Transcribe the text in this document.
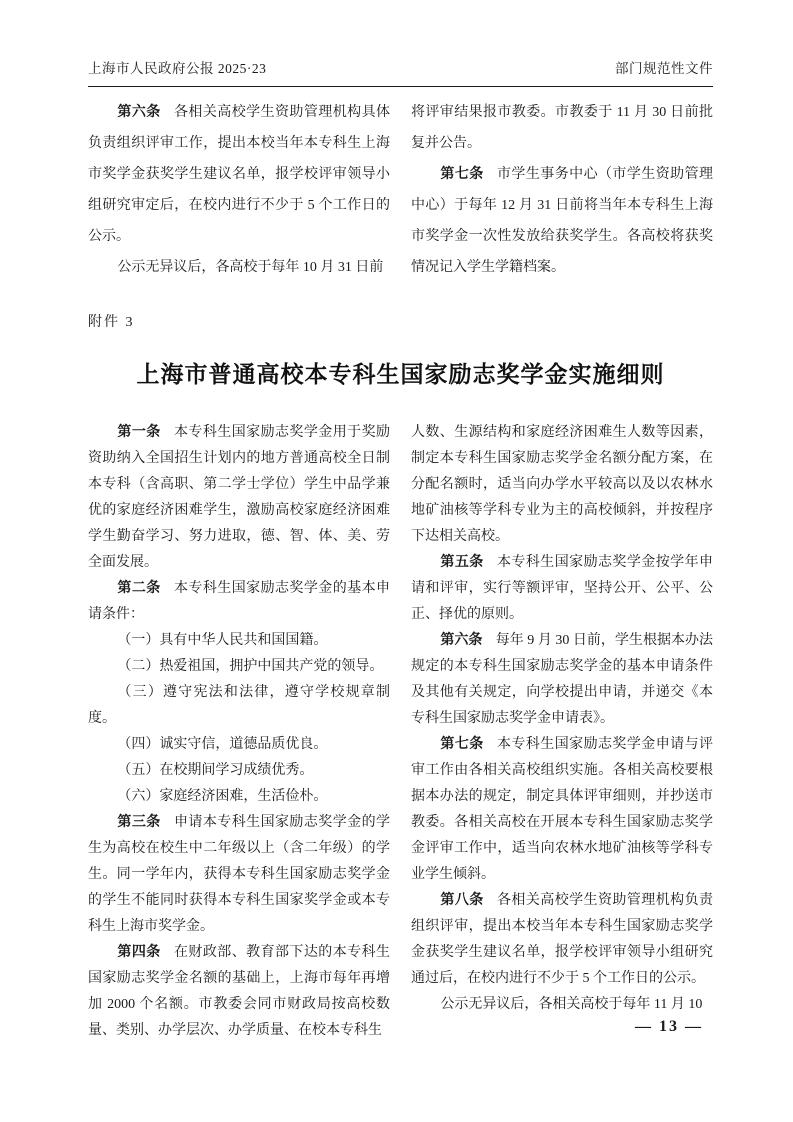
上海市人民政府公报 2025·23	部门规范性文件

第六条 各相关高校学生资助管理机构具体负责组织评审工作，提出本校当年本专科生上海市奖学金获奖学生建议名单，报学校评审领导小组研究审定后，在校内进行不少于 5 个工作日的公示。

公示无异议后，各高校于每年 10 月 31 日前

将评审结果报市教委。市教委于 11 月 30 日前批复并公告。

第七条 市学生事务中心（市学生资助管理中心）于每年 12 月 31 日前将当年本专科生上海市奖学金一次性发放给获奖学生。各高校将获奖情况记入学生学籍档案。

附件 3
上海市普通高校本专科生国家励志奖学金实施细则

第一条 本专科生国家励志奖学金用于奖励资助纳入全国招生计划内的地方普通高校全日制本专科（含高职、第二学士学位）学生中品学兼优的家庭经济困难学生，激励高校家庭经济困难学生勤奋学习、努力进取，德、智、体、美、劳全面发展。

第二条 本专科生国家励志奖学金的基本申请条件：

（一）具有中华人民共和国国籍。

（二）热爱祖国，拥护中国共产党的领导。

（三）遵守宪法和法律，遵守学校规章制度。

（四）诚实守信，道德品质优良。

（五）在校期间学习成绩优秀。

（六）家庭经济困难，生活俭朴。

第三条 申请本专科生国家励志奖学金的学生为高校在校生中二年级以上（含二年级）的学生。同一学年内，获得本专科生国家励志奖学金的学生不能同时获得本专科生国家奖学金或本专科生上海市奖学金。

第四条 在财政部、教育部下达的本专科生国家励志奖学金名额的基础上，上海市每年再增加 2000 个名额。市教委会同市财政局按高校数量、类别、办学层次、办学质量、在校本专科生

人数、生源结构和家庭经济困难生人数等因素，制定本专科生国家励志奖学金名额分配方案，在分配名额时，适当向办学水平较高以及以农林水地矿油核等学科专业为主的高校倾斜，并按程序下达相关高校。

第五条 本专科生国家励志奖学金按学年申请和评审，实行等额评审，坚持公开、公平、公正、择优的原则。

第六条 每年 9 月 30 日前，学生根据本办法规定的本专科生国家励志奖学金的基本申请条件及其他有关规定，向学校提出申请，并递交《本专科生国家励志奖学金申请表》。

第七条 本专科生国家励志奖学金申请与评审工作由各相关高校组织实施。各相关高校要根据本办法的规定，制定具体评审细则，并抄送市教委。各相关高校在开展本专科生国家励志奖学金评审工作中，适当向农林水地矿油核等学科专业学生倾斜。

第八条 各相关高校学生资助管理机构负责组织评审，提出本校当年本专科生国家励志奖学金获奖学生建议名单，报学校评审领导小组研究通过后，在校内进行不少于 5 个工作日的公示。

公示无异议后，各相关高校于每年 11 月 10

— 13 —
